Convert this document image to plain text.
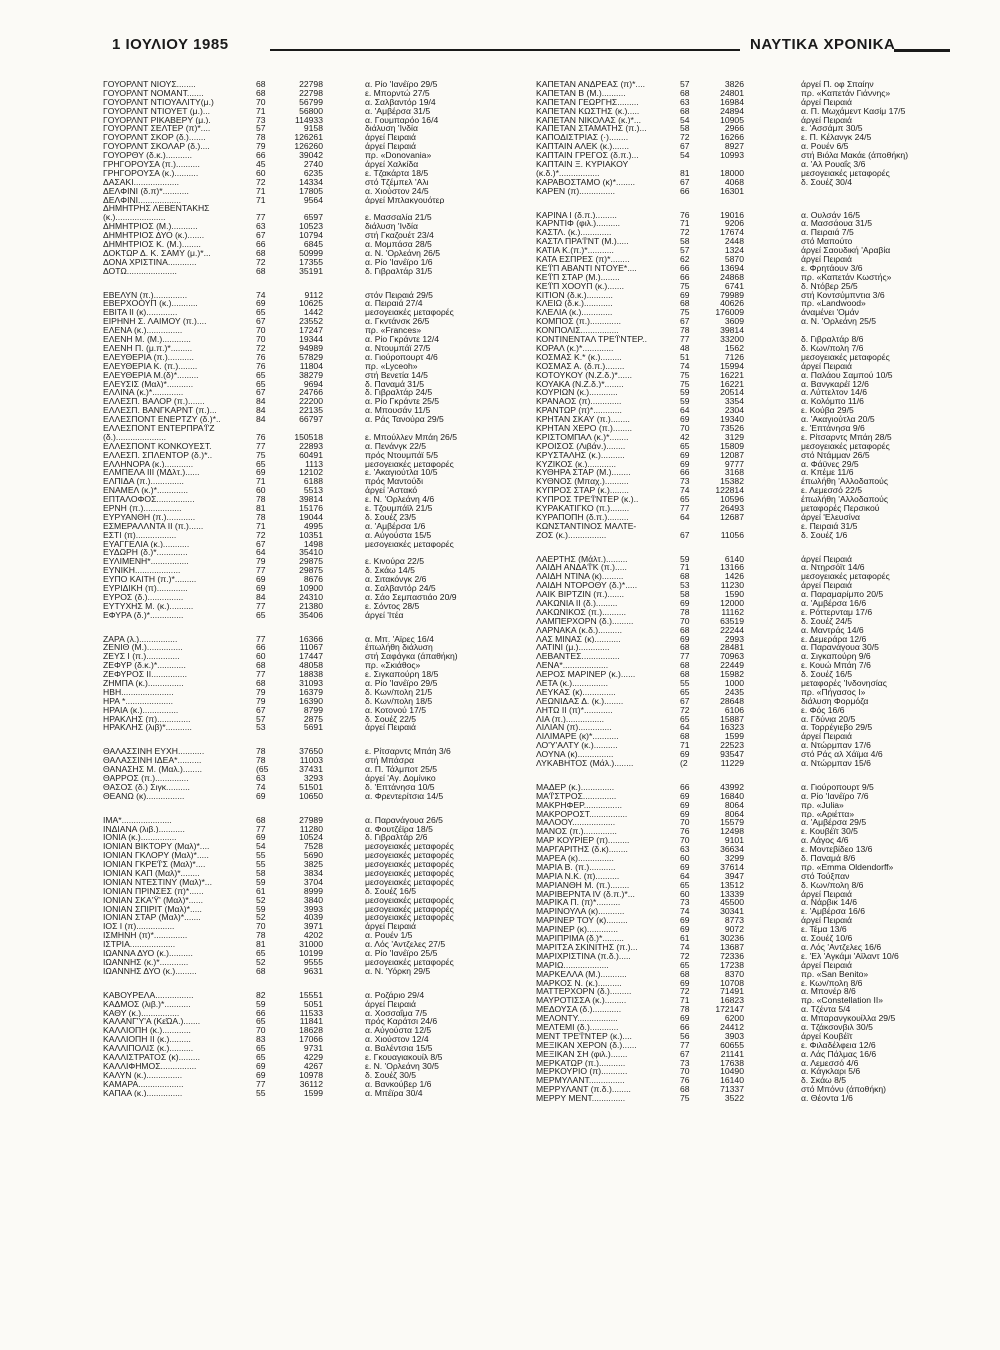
1 ΙΟΥΛΙΟΥ 1985	ΝΑΥΤΙΚΑ ΧΡΟΝΙΚΑ
ΓΟΥΟΡΛΝΤ ΝΙΟΥΣ........	68	22798	α. Ρίο 'Ιανέϊρο 29/5
ΓΟΥΟΡΛΝΤ ΝΟΜΑΝΤ.......	68	22798	ε. Μπορντώ 27/5
ΓΟΥΟΡΛΝΤ ΝΤΙΟΥΑΛΙΤΥ(μ.)	70	56799	α. Σαλβαντόρ 19/4
ΓΟΥΟΡΛΝΤ ΝΤΙΟΥΕΤ (μ.)...	71	56800	α. 'Αμβέρσα 31/5
ΓΟΥΟΡΛΝΤ ΡΙΚΑΒΕΡΥ (μ.).	73	114933	α. Γουμπαρόο 16/4
ΓΟΥΟΡΛΝΤ ΣΕΛΤΕΡ (π)*....	57	9158	διάλυση 'Ινδία
ΓΟΥΟΡΛΝΤ ΣΚΟΡ (δ.).......	78	126261	άργεί Πειραιά
ΓΟΥΟΡΛΝΤ ΣΚΟΛΑΡ (δ.)....	79	126260	άργεί Πειραιά
ΓΟΥΟΡΘΥ (δ.κ.)...........	66	39042	πρ. «Donovania»
ΓΡΗΓΟΡΟΥΣΑ (π.)..........	45	2740	άργεί Χαλκίδα
ΓΡΗΓΟΡΟΥΣΑ (κ.)..........	60	6235	ε. Τζακάρτα 18/5
ΔΑΣΑΚΙ...................	72	14334	στό Τζέμπελ 'Αλι
ΔΕΛΦΙΝΙ (δ.π)*...........	71	17805	α. Χιούστον 24/5
ΔΕΛΦΙΝΙ..................	71	9564	άργεί Μπλακγουότερ
ΔΗΜΗΤΡΗΣ ΛΕΒΕΝΤΑΚΗΣ
(κ.).....................	77	6597	ε. Μασσαλία 21/5
ΔΗΜΗΤΡΙΟΣ (Μ.)...........	63	10523	διάλυση 'Ινδία
ΔΗΜΗΤΡΙΟΣ ΔΥΟ (κ.).......	67	10794	στή Γκαζουέτ 23/4
ΔΗΜΗΤΡΙΟΣ Κ. (Μ.)........	66	6845	α. Μομπάσα 28/5
ΔΟΚΤΩΡ Δ. Κ. ΣΑΜΥ (μ.)*...	68	50999	α. Ν. 'Ορλεάνη 26/5
ΔΟΝΑ ΧΡΙΣΤΙΝΑ............	72	17355	α. Ρίο 'Ιανέϊρο 1/6
ΔΟΤΩ.....................	68	35191	δ. Γιβραλτάρ 31/5
ΕΒΕΛΥΝ (π.)..............	74	9112	στόν Πειραιά 29/5
ΕΒΕΡΧΟΟΥΠ (κ.)...........	69	10625	α. Πειραιά 27/4
ΕΒΙΤΑ ΙΙ (κ).............	65	1442	μεσογειακές μεταφορές
ΕΙΡΗΝΗ Σ. ΛΑΙΜΟΥ (π.)....	67	23552	α. Γκντάνσκ 26/5
ΕΛΕΝΑ (κ.)...............	70	17247	πρ. «Frances»
ΕΛΕΝΗ Μ. (Μ.)............	70	19344	α. Ρίο Γκράντε 12/4
ΕΛΕΝΗ Π. (μ.π.)*.........	72	94989	α. Ντουμπάϊ 27/5
ΕΛΕΥΘΕΡΙΑ (π.)...........	76	57829	α. Γιούροπουρτ 4/6
ΕΛΕΥΘΕΡΙΑ Κ. (π.)........	76	11804	πρ. «Lyceoh»
ΕΛΕΥΘΕΡΙΑ Μ.(δ)*.........	65	38279	στή Βενετία 14/5
ΕΛΕΥΣΙΣ (Μαλ)*...........	65	9694	δ. Παναμά 31/5
ΕΛΛΙΝΑ (κ.)*.............	67	24766	δ. Γιβραλτάρ 24/5
ΕΛΛΕΣΠ. ΒΑΛΟΡ (π.).......	84	22200	α. Ρίο Γκράντε 25/5
ΕΛΛΕΣΠ. ΒΑΝΓΚΑΡΝΤ (π.)...	84	22135	α. Μπουσάν 11/5
ΕΛΛΕΣΠΟΝΤ ΕΝΕΡΤΖΥ (δ.)*..	84	66797	α. Ράς Τανούρα 29/5
ΕΛΛΕΣΠΟΝΤ ΕΝΤΕΡΠΡΑ'Ϊ'Ζ
(δ.).....................	76	150518	ε. Μπούλλεν Μπάη 26/5
ΕΛΛΕΣΠΟΝΤ ΚΟΝΚΟΥΕΣΤ.	77	22893	α. Πενάνγκ 22/5
ΕΛΛΕΣΠ. ΣΠΛΕΝΤΟΡ (δ.)*..	75	60491	πρός Ντουμπάϊ 5/5
ΕΛΛΗΝΟΡΑ (κ.)............	65	1113	μεσογειακές μεταφορές
ΕΛΜΠΕΛΑ ΙΙΙ (ΜΔλτ.)......	69	12102	ε. 'Ακαγιούτλα 10/5
ΕΛΠΙΔΑ (π.)..............	71	6188	πρός Μαντούδι
ΕΝΑΜΕΛ (κ.)*.............	60	5513	άργεί 'Αστακό
ΕΠΤΑΛΟΦΟΣ................	78	39814	ε. Ν. 'Ορλεάνη 4/6
ΕΡΝΗ (π.)................	81	15176	ε. Τζουμπάϊλ 21/5
ΕΥΡΥΑΝΘΗ (π.)............	78	19044	δ. Σουέζ 23/5
ΕΣΜΕΡΑΛΛΝΤΑ ΙΙ (π.)......	71	4995	α. 'Αμβέρσα 1/6
ΕΣΤΙ (π).................	72	10351	α. Αύγούστα 15/5
ΕΥΑΓΓΕΛΙΑ (κ.)...........	67	1498	μεσογειακές μεταφορές
ΕΥΔΩΡΗ (δ.)*.............	64	35410
ΕΥΛΙΜΕΝΗ*................	79	29875	ε. Κινούρα 22/5
ΕΥΝΙΚΗ...................	77	29875	δ. Σκάω 14/5
ΕΥΠΟ ΚΑΙΤΗ (π.)*.........	69	8676	α. Σιτακόνγκ 2/6
ΕΥΡΙΔΙΚΗ (π).............	69	10900	α. Σαλβαντόρ 24/5
ΕΥΡΟΣ (δ.)...............	84	24310	α. Σάο Σεμπαστιάο 20/9
ΕΥΤΥΧΗΣ Μ. (κ.)..........	77	21380	ε. Σόντος 28/5
ΕΦΥΡΑ (δ.)*..............	65	35406	άργεί 'Ιτέα
ΖΑΡΑ (λ.)................	77	16366	α. Μπ. 'Αϊρες 16/4
ΖΕΝΙΘ (Μ.)...............	66	11067	έπωλήθη διάλυση
ΖΕΥΣ Ι (π.)..............	60	17447	στή Σαφάγκα (άπαθήκη)
ΖΕΦΥΡ (δ.κ.)*............	68	48058	πρ. «Σκιάθος»
ΖΕΦΥΡΟΣ ΙΙ...............	77	18838	ε. Σιγκαπούρη 18/5
ΖΗΜΠΑ (κ.)...............	68	31093	α. Ρίο 'Ιανέϊρο 29/5
ΗΒΗ......................	79	16379	δ. Κων/πολη 21/5
ΗΡΑ *....................	79	16390	δ. Κων/πολη 18/5
ΗΡΑΙΑ (κ.)...............	67	8799	α. Κοτονού 17/5
ΗΡΑΚΛΗΣ (π)..............	57	2875	δ. Σουέζ 22/5
ΗΡΑΚΛΗΣ (λιβ)*...........	53	5691	άργεί Πειραιά
ΘΑΛΑΣΣΙΝΗ ΕΥΧΗ...........	78	37650	ε. Ρίτσαρντς Μπάη 3/6
ΘΑΛΑΣΣΙΝΗ ΙΔΕΑ*..........	78	11003	στή Μπάσρα
ΘΑΝΑΣΗΣ Μ. (Μαλ.)........	(65	37431	α. Π. Τάλμποτ 25/5
ΘΑΡΡΟΣ (π.)..............	63	3293	άργεί 'Αγ. Δομίνικο
ΘΑΣΟΣ (δ.) Σιγκ..........	74	51501	δ. 'Επτάνησα 10/5
ΘΕΑΝΩ (κ)................	69	10650	α. Φρεντερίτσια 14/5
ΙΜΑ*.....................	68	27989	α. Παρανάγουα 26/5
ΙΝΔΙΑΝΑ (λιβ.)...........	77	11280	α. Φουτζέϊρα 18/5
ΙΟΝΙΑ (κ.)...............	69	10524	δ. Γιβραλτάρ 2/6
ΙΟΝΙΑΝ ΒΙΚΤΟΡΥ (Μαλ)*....	54	7528	μεσογειακές μεταφορές
ΙΟΝΙΑΝ ΓΚΛΟΡΥ (Μαλ)*.....	55	5690	μεσογειακές μεταφορές
ΙΟΝΙΑΝ ΓΚΡΕ'Ϊ'Σ (Μαλ)*....	55	3825	μεσογειακές μεταφορές
ΙΟΝΙΑΝ ΚΑΠ (Μαλ)*........	58	3834	μεσογειακές μεταφορές
ΙΟΝΙΑΝ ΝΤΕΣΤΙΝΥ (Μαλ)*...	59	3704	μεσογειακές μεταφορές
ΙΟΝΙΑΝ ΠΡΙΝΣΕΣ (π)*......	61	8999	δ. Σουέζ 16/5
ΙΟΝΙΑΝ ΣΚΑ'Ϋ' (Μαλ)*......	52	3840	μεσογειακές μεταφορές
ΙΟΝΙΑΝ ΣΠΙΡΙΤ (Μαλ)*.....	59	3993	μεσογειακές μεταφορές
ΙΟΝΙΑΝ ΣΤΑΡ (Μαλ)*.......	52	4039	μεσογειακές μεταφορές
ΙΟΣ Ι (π)................	70	3971	άργεί Πειραιά
ΙΣΜΗΝΗ (π)*..............	78	4202	α. Ρουέν 1/5
ΙΣΤΡΙΑ...................	81	31000	α. Λός 'Αντζελες 27/5
ΙΩΑΝΝΑ ΔΥΟ (κ.)..........	65	10199	α. Ρίο 'Ιανέϊρο 25/5
ΙΩΑΝΝΗΣ (κ.)*............	52	9555	μεσογειακές μεταφορές
ΙΩΑΝΝΗΣ ΔΥΟ (κ.).........	68	9631	α. Ν. 'Υόρκη 29/5
ΚΑΒΟΥΡΕΛΑ................	82	15551	α. Ροζάριο 29/4
ΚΑΔΜΟΣ (λιβ.)*...........	59	5051	άργεί Πειραιά
ΚΑΘΥ (κ.)................	66	11533	α. Χοσσαΐμα 7/5
ΚΑΛΑΝΓ'Υ'Α (ΚεΏΑ.).......	65	11841	πρός Καράτσι 24/6
ΚΑΛΛΙΟΠΗ (κ.)............	70	18628	α. Αύγούστα 12/5
ΚΑΛΛΙΟΠΗ ΙΙ (κ.).........	83	17066	α. Χιούστον 12/4
ΚΑΛΛΙΠΟΛΙΣ (κ.)..........	65	9731	α. Βαλέντσια 15/5
ΚΑΛΛΙΣΤΡΑΤΟΣ (κ).........	65	4229	ε. Γκουαγιακουίλ 8/5
ΚΑΛΛΙΦΗΜΟΣ...............	69	4267	ε. Ν. 'Ορλεάνη 30/5
ΚΑΛΥΝ (κ.)...............	69	10978	δ. Σουέζ 30/5
ΚΑΜΑΡΑ...................	77	36112	α. Βανκούβερ 1/6
ΚΑΠΑΑ (κ.)...............	55	1599	α. Μπέϊρα 30/4
ΚΑΠΕΤΑΝ ΑΝΔΡΕΑΣ (π)*....	57	3826	άργεί Π. οφ Σπαίην
ΚΑΠΕΤΑΝ Β (Μ.)..........	68	24801	πρ. «Καπετάν Γιάννης»
ΚΑΠΕΤΑΝ ΓΕΩΡΓΗΣ.........	63	16984	άργεί Πειραιά
ΚΑΠΕΤΑΝ ΚΩΣΤΗΣ (κ.).....	68	24894	α. Π. Μωχάμεντ Κασίμ 17/5
ΚΑΠΕΤΑΝ ΝΙΚΟΛΑΣ (κ.)*...	54	10905	άργεί Πειραιά
ΚΑΠΕΤΑΝ ΣΤΑΜΑΤΗΣ (π.)...	58	2966	ε. 'Ασσάμπ 30/5
ΚΑΠΟΔΙΣΤΡΙΑΣ (·)........	72	16266	ε. Π. Κέλανγκ 24/5
ΚΑΠΤΑΙΝ ΑΛΕΚ (κ.).......	67	8927	α. Ρουέν 6/5
ΚΑΠΤΑΙΝ ΓΡΕΓΟΣ (δ.π.)...	54	10993	στή Βιόλα Μακάε (άποθήκη)
ΚΑΠΤΑΙΝ Ξ. ΚΥΡΙΑΚΟΥ	α. 'Αλ Ρουαΐς 3/6
(κ.δ.)*.................	81	18000	μεσογειακές μεταφορές
ΚΑΡΑΒΟΣΤΑΜΟ (κ)*........	67	4068	δ. Σουέζ 30/4
ΚΑΡΕΝ (π)...............	66	16301
ΚΑΡΙΝΑ Ι (δ.π.).........	76	19016	α. Ουλσάν 16/5
ΚΑΡΝΤΙΦ (φιλ.)..........	71	9206	α. Μασσάουα 31/5
ΚΑΣΤΛ. (κ.).............	72	17674	α. Πειραιά 7/5
ΚΑΣΤΛ ΠΡΑ'Ϊ'ΝΤ (Μ.).....	58	2448	στό Μαπούτο
ΚΑΤΙΑ Κ.(π.)*...........	57	1324	άργεί Σαουδική 'Αραβία
ΚΑΤΑ ΕΣΠΡΕΣ (π)*........	62	5870	άργεί Πειραιά
ΚΕ'Ϊ'Π ΑΒΑΝΤΙ ΝΤΟΥΕ*....	66	13694	ε. Φρητάουν 3/6
ΚΕ'Ϊ'Π ΣΤΑΡ (Μ.)........	66	24868	πρ. «Καπετάν Κωστής»
ΚΕ'Ϊ'Π ΧΟΟΥΠ (κ.).......	75	6741	δ. Ντόβερ 25/5
ΚΙΤΙΟΝ (δ.κ.)...........	69	79989	στή Κοντσύμπντια 3/6
ΚΛΕΙΩ (δ.κ.)............	68	40626	πρ. «Landwood»
ΚΛΕΛΙΑ (κ.).............	75	176009	άναμένει 'Ομάν
ΚΟΜΠΟΣ (π.).............	67	3609	α. Ν. 'Ορλεάνη 25/5
ΚΟΝΠΟΛΙΣ................	78	39814
ΚΟΝΤΙΝΕΝΤΑΛ ΤΡΕ'Ϊ'ΝΤΕΡ..	77	33200	δ. Γιβραλτάρ 8/6
ΚΟΡΑΛ (κ.)*.............	48	1562	δ. Κων/πολη 7/6
ΚΟΣΜΑΣ Κ.* (κ.).........	51	7126	μεσογειακές μεταφορές
ΚΟΣΜΑΣ Α. (δ.π.)........	74	15994	άργεί Πειραιά
ΚΟΤΟΥΚΟΥ (Ν.Ζ.δ.)*......	75	16221	α. Παλάου Σαμπού 10/5
ΚΟΥΑΚΑ (Ν.Ζ.δ.)*........	75	16221	α. Βανγκαρέϊ 12/6
ΚΟΥΡΙΩΝ (κ.)............	59	20514	α. Λύττελτον 14/6
ΚΡΑΝΑΟΣ (π).............	59	3354	α. Κολόμπο 11/6
ΚΡΑΝΤΩΡ (π)*............	64	2304	ε. Κούβα 29/5
ΚΡΗΤΑΝ ΣΚΑΥ (π.)........	69	19340	α. 'Ακαγιούτλα 20/5
ΚΡΗΤΑΝ ΧΕΡΟ (π.)........	70	73526	ε. 'Επτάνησα 9/6
ΚΡΙΣΤΟΜΠΑΛ (κ.)*........	42	3129	ε. Ρίτσαρντς Μπάη 28/5
ΚΡΟΙΣΟΣ (Λιβάν.)........	65	15809	μεσογειακές μεταφορές
ΚΡΥΣΤΑΛΗΣ (κ.)..........	69	12087	στό Ντάμμαν 26/5
ΚΥΖΙΚΟΣ (κ.)............	69	9777	α. Φάϋνες 29/5
ΚΥΘΗΡΑ ΣΤΑΡ (Μ.)........	66	3168	α. Κπέμε 11/6
ΚΥΘΝΟΣ (Μπαχ.)..........	73	15382	έπωλήθη 'Αλλοδαπούς
ΚΥΠΡΟΣ ΣΤΑΡ (κ.)........	74	122814	ε. Λεμεσσό 22/5
ΚΥΠΡΟΣ ΤΡΕ'Ϊ'ΝΤΕΡ (κ.)..	65	10596	έπωλήθη 'Αλλοδαπούς
ΚΥΡΑΚΑΤΙΓΚΟ (π.)........	77	26493	μεταφορές Περσικού
ΚΥΡΑΠΟΠΗ (δ.π.).........	64	12687	άργεί 'Ελευσίνα
ΚΩΝΣΤΑΝΤΙΝΟΣ ΜΑΛΤΕ-	ε. Πειραιά 31/5
ΖΟΣ (κ.)................	67	11056	δ. Σουέζ 1/6
ΛΑΕΡΤΗΣ (Μάλτ.).........	59	6140	άργεί Πειραιά
ΛΑΙΔΗ ΑΝΔΑ'Ϊ'Κ (π.).....	71	13166	α. Ντηρσόϊτ 14/6
ΛΑΙΔΗ ΝΤΙΝΑ (κ).........	68	1426	μεσογειακές μεταφορές
ΛΑΙΔΗ ΝΤΟΡΟΘΥ (δ.)*.....	53	11230	άργεί Πειραιά
ΛΑΙΚ ΒΙΡΤΖΙΝ (π.).......	58	1590	α. Παραμαρίμπο 20/5
ΛΑΚΩΝΙΑ ΙΙ (δ.).........	69	12000	α. 'Αμβέρσα 16/6
ΛΑΚΩΝΙΚΟΣ (π.)..........	78	11162	ε. Ρόττερνταμ 17/6
ΛΑΜΠΕΡΧΟΡΝ (δ.).........	70	63519	δ. Σουέζ 24/5
ΛΑΡΝΑΚΑ (κ.δ.)..........	68	22244	α. Μαντράς 14/6
ΛΑΣ ΜΙΝΑΣ (κ)...........	69	2993	ε. Δεμεράρα 12/6
ΛΑΤΙΝΙ (μ.).............	68	28481	α. Παρανάγουα 30/5
ΛΕΒΑΝΤΕΣ................	77	70963	α. Σιγκαπούρη 9/6
ΛΕΝΑ*...................	68	22449	ε. Κουώ Μπάη 7/6
ΛΕΡΟΣ ΜΑΡΙΝΕΡ (κ.)......	68	15982	δ. Σουέζ 16/5
ΛΕΤΑ (κ.)...............	55	1000	μεταφορές 'Ινδονησίας
ΛΕΥΚΑΣ (κ)..............	65	2435	πρ. «Πήγασος Ι»
ΛΕΩΝΙΔΑΣ Δ. (κ.)........	67	28648	διάλυση Φορμόζα
ΛΗΤΩ ΙΙ (π)*............	72	6106	ε. Φός 16/6
ΛΙΑ (π.)................	65	15887	α. Γδύνια 20/5
ΛΙΛΙΑΝ (π)..............	64	16323	α. Τορρέγιεβο 29/5
ΛΙΛΙΜΑΡΕ (κ)*...........	68	1599	άργεί Πειραιά
ΛΟ'Υ'ΑΛΤΥ (κ.)..........	71	22523	α. Ντώρμπαν 17/6
ΛΟΥΝΑ (κ)...............	69	93547	στό Ράς αλ Χάϊμα 4/6
ΛΥΚΑΒΗΤΟΣ (Μάλ.)........	(2	11229	α. Ντώρμπαν 15/6
ΜΑΔΕΡ (κ.)..............	66	43992	α. Γιούροπουρτ 9/5
ΜΑ'Ϊ'ΣΤΡΟΣ..............	69	16840	α. Ρίο 'Ιανέϊρο 7/6
ΜΑΚΡΗΦΕΡ................	69	8064	πρ. «Julia»
ΜΑΚΡΟΡΟΣΤ................	69	8064	πρ. «Αριέττα»
ΜΑΛΟΟΥ..................	70	15579	α. 'Αμβέρσα 29/5
ΜΑΝΟΣ (π.)..............	76	12498	ε. Κουβέϊτ 30/5
ΜΑΡ ΚΟΥΡΙΕΡ (π).........	70	9101	α. Λάγος 4/6
ΜΑΡΓΑΡΙΤΗΣ (δ.κ)........	63	36634	ε. Μοντεβίδεο 13/6
ΜΑΡΕΑ (κ)...............	60	3299	δ. Παναμά 8/6
ΜΑΡΙΑ Β. (π.)...........	69	37614	πρ. «Emma Oldendorff»
ΜΑΡΙΑ Ν.Κ. (π)..........	64	3947	στό Τούξπαν
ΜΑΡΙΑΝΘΗ Μ. (π.)........	65	13512	δ. Κων/πολη 8/6
ΜΑΡΙΒΕΡΝΤΑ ΙV (δ.π.)*...	60	13339	άργεί Πειραιά
ΜΑΡΙΚΑ Π. (π)*..........	73	45500	α. Νάρβικ 14/6
ΜΑΡΙΝΟΥΛΑ (κ)...........	74	30341	ε. 'Αμβέρσα 16/6
ΜΑΡΙΝΕΡ ΤΟΥ (κ).........	69	8773	άργεί Πειραιά
ΜΑΡΙΝΕΡ (κ).............	69	9072	ε. Τέμα 13/6
ΜΑΡΙΠΡΙΜΑ (δ.)*.........	61	30236	α. Σουέζ 10/6
ΜΑΡΙΤΣΑ ΣΚΙΝΙΤΗΣ (π.)...	74	13687	α. Λός 'Αντζελες 16/6
ΜΑΡΙΧΡΙΣΤΙΝΑ (π.δ.).....	72	72336	ε. 'Ελ 'Αγκάμι 'Αϊλαντ 10/6
ΜΑΡΙΩ...................	65	17238	άργεί Πειραιά
ΜΑΡΚΕΛΛΑ (Μ.)...........	68	8370	πρ. «San Benito»
ΜΑΡΚΟΣ Ν. (κ.)..........	69	10708	ε. Κων/πολη 8/6
ΜΑΤΤΕΡΧΟΡΝ (δ.).........	72	71491	α. Μπονέρ 8/6
ΜΑΥΡΟΤΙΣΣΑ (κ.).........	71	16823	πρ. «Constellation ΙΙ»
ΜΕΔΟΥΣΑ (δ.)............	78	172147	α. Τζέντα 5/4
ΜΕΛΟΝΤΥ.................	69	6200	α. Μπαρανγκουίλλα 29/5
ΜΕΛΤΕΜΙ (δ.)............	66	24412	α. Τζάκσονβιλ 30/5
ΜΕΝΤ ΤΡΕ'Ϊ'ΝΤΕΡ (κ.)....	56	3903	άργεί Κουβέϊτ
ΜΕΞΙΚΑΝ ΧΕΡΟΝ (δ.)......	77	60655	ε. Φιλαδέλφεια 12/6
ΜΕΞΙΚΑΝ ΣΗ (φιλ.).......	67	21141	α. Λάς Πάλμας 16/6
ΜΕΡΚΑΤΩΡ (π.)...........	73	17638	α. Λεμεσσό 4/6
ΜΕΡΚΟΥΡΙΟ (π)...........	70	10490	α. Κάγκλαρι 5/6
ΜΕΡΜΥΛΑΝΤ...............	76	16140	δ. Σκάω 8/5
ΜΕΡΡΥΛΑΝΤ (π.δ.)........	68	71337	στό Μπόνυ (άποθήκη)
ΜΕΡΡΥ ΜΕΝΤ..............	75	3522	α. Θέοντα 1/6
